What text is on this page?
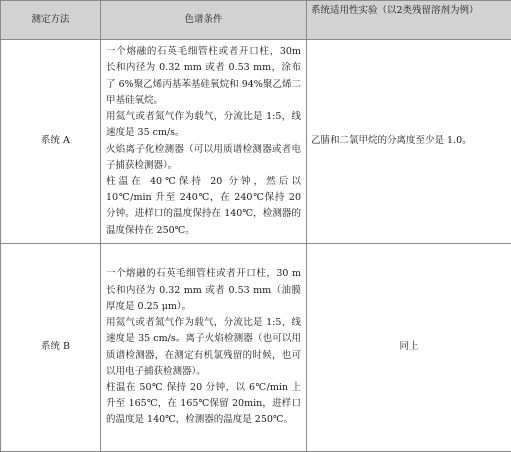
测定方法	色谱条件	系统适用性实验（以2类残留溶剂为例）
系统 A	一个熔融的石英毛细管柱或者开口柱，30m 长和内径为 0.32 mm 或者 0.53 mm，涂布了 6%聚乙烯丙基苯基硅氧烷和 94%聚乙烯二甲基硅氧烷。

用氦气或者氮气作为载气，分流比是 1:5，线速度是 35 cm/s。

火焰离子化检测器（可以用质谱检测器或者电子捕获检测器）。

柱温在 40℃保持 20 分钟，然后以 10℃/min 升至 240℃，在 240℃保持 20 分钟。进样口的温度保持在 140℃，检测器的温度保持在 250℃。	乙腈和二氯甲烷的分离度至少是 1.0。
系统 B	一个熔融的石英毛细管柱或者开口柱，30 m 长和内径为 0.32 mm 或者 0.53 mm（油膜厚度是 0.25 μm）。

用氦气或者氮气作为载气，分流比是 1:5，线速度是 35 cm/s。离子火焰检测器（也可以用质谱检测器，在测定有机氯残留的时候，也可以用电子捕获检测器）。

柱温在 50℃ 保持 20 分钟，以 6℃/min 上升至 165℃，在 165℃保留 20min，进样口的温度是 140℃，检测器的温度是 250℃。	同上
